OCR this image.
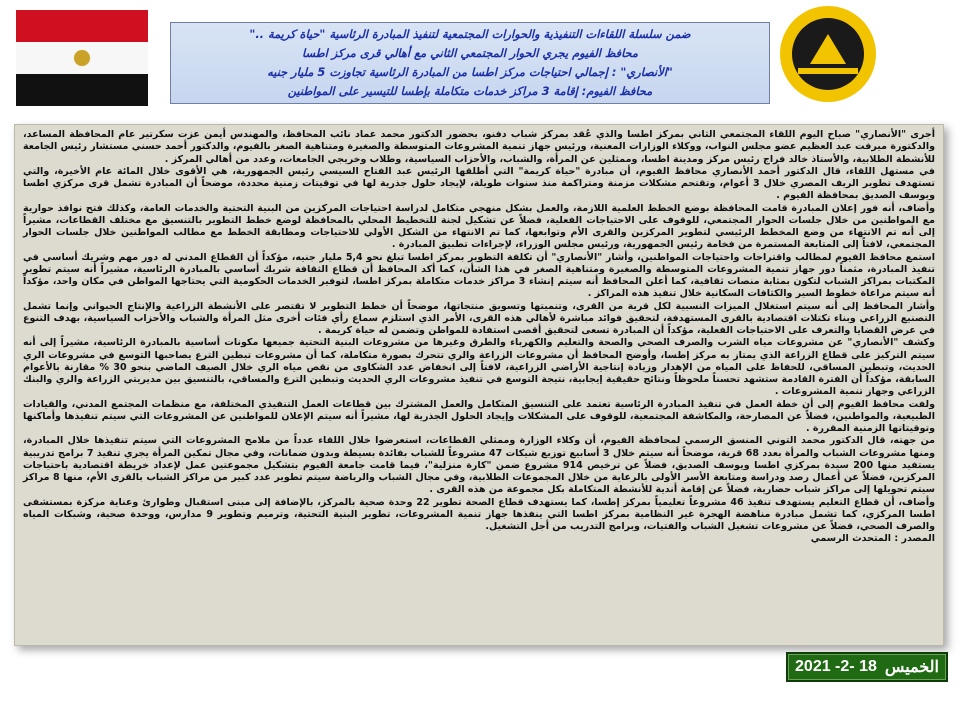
ضمن سلسلة اللقاءات التنفيذية والحوارات المجتمعية لتنفيذ المبادرة الرئاسية "حياة كريمة .."
محافظ الفيوم يجري الحوار المجتمعي الثاني مع أهالي قرى مركز اطسا
"الأنصاري" : إجمالي احتياجات مركز اطسا من المبادرة الرئاسية تجاوزت 5 مليار جنيه
محافظ الفيوم: إقامة 3 مراكز خدمات متكاملة بإطسا للتيسير على المواطنين

أجرى "الأنصاري" صباح اليوم اللقاء المجتمعي الثاني بمركز اطسا والذي عُقد بمركز شباب دفنو، بحضور الدكتور محمد عماد نائب المحافظ، والمهندس أيمن عزت سكرتير عام المحافظة المساعد، والدكتورة ميرفت عبد العظيم عضو مجلس النواب، ووكلاء الوزارات المعنية، ورئيس جهاز تنمية المشروعات المتوسطة والصغيرة ومتناهية الصغر بالفيوم، والدكتور أحمد حسني مستشار رئيس الجامعة للأنشطة الطلابية، والأستاذ خالد فراج رئيس مركز ومدينة اطسا، وممثلين عن المرأة، والشباب، والأحزاب السياسية، وطلاب وخريجي الجامعات، وعدد من أهالي المركز .

في مستهل اللقاء، قال الدكتور أحمد الأنصاري محافظ الفيوم، أن مبادرة "حياة كريمة" التي أطلقها الرئيس عبد الفتاح السيسي رئيس الجمهورية، هي الأقوى خلال المائة عام الأخيرة، والتي تستهدف تطوير الريف المصري خلال 3 أعوام، وتقتحم مشكلات مزمنة ومتراكمة منذ سنوات طويلة، لإيجاد حلول جذرية لها في توقيتات زمنية محددة، موضحاً أن المبادرة تشمل قرى مركزي اطسا ويوسف الصديق بمحافظة الفيوم .

وأضاف، أنه فور إعلان المبادرة قامت المحافظة بوضع الخطط العلمية اللازمة، والعمل بشكل منهجي متكامل لدراسة احتياجات المركزين من البنية التحتية والخدمات العامة، وكذلك فتح نوافذ حوارية مع المواطنين من خلال جلسات الحوار المجتمعي، للوقوف على الاحتياجات الفعلية، فضلاً عن تشكيل لجنة للتخطيط المحلي بالمحافظة لوضع خطط التطوير بالتنسيق مع مختلف القطاعات، مشيراً إلى أنه تم الانتهاء من وضع المخطط الرئيسي لتطوير المركزين والقرى الأم وتوابعها، كما تم الانتهاء من الشكل الأولي للاحتياجات ومطابقة الخطط مع مطالب المواطنين خلال جلسات الحوار المجتمعي، لافتاً إلى المتابعة المستمرة من فخامة رئيس الجمهورية، ورئيس مجلس الوزراء، لإجراءات تطبيق المبادرة .

استمع محافظ الفيوم لمطالب واقتراحات واحتياجات المواطنين، وأشار "الأنصاري" أن تكلفة التطوير بمركز اطسا تبلغ نحو 5,4 مليار جنيه، مؤكداً أن القطاع المدني له دور مهم وشريك أساسي في تنفيذ المبادرة، مثمناً دور جهاز تنمية المشروعات المتوسطة والصغيرة ومتناهية الصغر في هذا الشأن، كما أكد المحافظ أن قطاع الثقافة شريك أساسي بالمبادرة الرئاسية، مشيراً أنه سيتم تطوير المكتبات بمراكز الشباب لتكون بمثابة منصات ثقافية، كما أعلن المحافظ أنه سيتم إنشاء 3 مراكز خدمات متكاملة بمركز اطسا، لتوفير الخدمات الحكومية التي يحتاجها المواطن في مكان واحد، مؤكداً أنه سيتم مراعاة خطوط السير والكثافات السكانية خلال تنفيذ هذه المراكز .

وأشار المحافظ إلى أنه سيتم استغلال الميزات النسبية لكل قرية من القرى، وتنميتها وتسويق منتجاتها، موضحاً أن خطط التطوير لا تقتصر على الأنشطة الزراعية والإنتاج الحيواني وإنما تشمل التصنيع الزراعي وبناء تكتلات اقتصادية بالقرى المستهدفة، لتحقيق فوائد مباشرة لأهالي هذه القرى، الأمر الذي استلزم سماع رأي فئات أخرى مثل المرأة والشباب والأحزاب السياسية، بهدف التنوع في عرض القضايا والتعرف على الاحتياجات الفعلية، مؤكداً أن المبادرة تسعى لتحقيق أقصى استفادة للمواطن وتضمن له حياة كريمة .

وكشف "الأنصاري" عن مشروعات مياه الشرب والصرف الصحي والصحة والتعليم والكهرباء والطرق وغيرها من مشروعات البنية التحتية جميعها مكونات أساسية بالمبادرة الرئاسية، مشيراً إلى أنه سيتم التركيز على قطاع الزراعة الذي يمتاز به مركز إطسا، وأوضح المحافظ أن مشروعات الزراعة والري تتحرك بصورة متكاملة، كما أن مشروعات تبطين الترع يصاحبها التوسع في مشروعات الري الحديث، وتبطين المساقي، للحفاظ على المياه من الإهدار وزيادة إنتاجية الأراضي الزراعية، لافتاً إلى انخفاض عدد الشكاوى من نقص مياه الري خلال الصيف الماضي بنحو 30 % مقارنة بالأعوام السابقة، مؤكداً أن الفترة القادمة ستشهد تحسناً ملحوظاً ونتائج حقيقية إيجابية، نتيجة التوسع في تنفيذ مشروعات الري الحديث وتبطين الترع والمساقي، بالتنسيق بين مديريتي الزراعة والري والبنك الزراعي وجهاز تنمية المشروعات .

ولفت محافظ الفيوم إلى أن خطة العمل في تنفيذ المبادرة الرئاسية تعتمد على التنسيق المتكامل والعمل المشترك بين قطاعات العمل التنفيذي المختلفة، مع منظمات المجتمع المدني، والقيادات الطبيعية، والمواطنين، فضلاً عن المصارحة، والمكاشفة المجتمعية، للوقوف على المشكلات وإيجاد الحلول الجذرية لها، مشيراً أنه سيتم الإعلان للمواطنين عن المشروعات التي سيتم تنفيذها وأماكنها وتوقيتاتها الزمنية المقررة .

من جهته، قال الدكتور محمد التوني المنسق الرسمي لمحافظة الفيوم، أن وكلاء الوزارة وممثلي القطاعات، استعرضوا خلال اللقاء عدداً من ملامح المشروعات التي سيتم تنفيذها خلال المبادرة، ومنها مشروعات الشباب والمرأة بعدد 68 قرية، موضحاً أنه سيتم خلال 3 أسابيع توزيع شيكات 47 مشروعاً للشباب بفائدة بسيطة وبدون ضمانات، وفي مجال تمكين المرأة يجري تنفيذ 7 برامج تدريبية يستفيد منها 200 سيدة بمركزي اطسا ويوسف الصديق، فضلاً عن ترخيص 914 مشروع ضمن "كارة منزلية"، فيما قامت جامعة الفيوم بتشكيل مجموعتين عمل لإعداد خريطة اقتصادية باحتياجات المركزين، فضلاً عن أعمال رصد ودراسة ومتابعة الأسر الأولى بالرعاية من خلال المجموعات الطلابية، وفي مجال الشباب والرياضة سيتم تطوير عدد كبير من مراكز الشباب بالقرى الأم، منها 8 مراكز سيتم تحويلها إلى مراكز شباب حضارية، فضلاً عن إقامة أندية للأنشطة المتكاملة بكل مجموعة من هذه القرى .

وأضاف، أن قطاع التعليم يستهدف تنفيذ 46 مشروعاً تعليمياً بمركز إطسا، كما يستهدف قطاع الصحة تطوير 22 وحدة صحية بالمركز، بالإضافة إلى مبنى استقبال وطوارئ وعناية مركزة بمستشفى اطسا المركزي، كما تشمل مبادرة مناهضة الهجرة غير النظامية بمركز اطسا التي ينفذها جهاز تنمية المشروعات، تطوير البنية التحتية، وترميم وتطوير 9 مدارس، ووحدة صحية، وشبكات المياه والصرف الصحي، فضلاً عن مشروعات تشغيل الشباب والفتيات، وبرامج التدريب من أجل التشغيل.

المصدر : المتحدث الرسمي

الخميس
18 -2- 2021
